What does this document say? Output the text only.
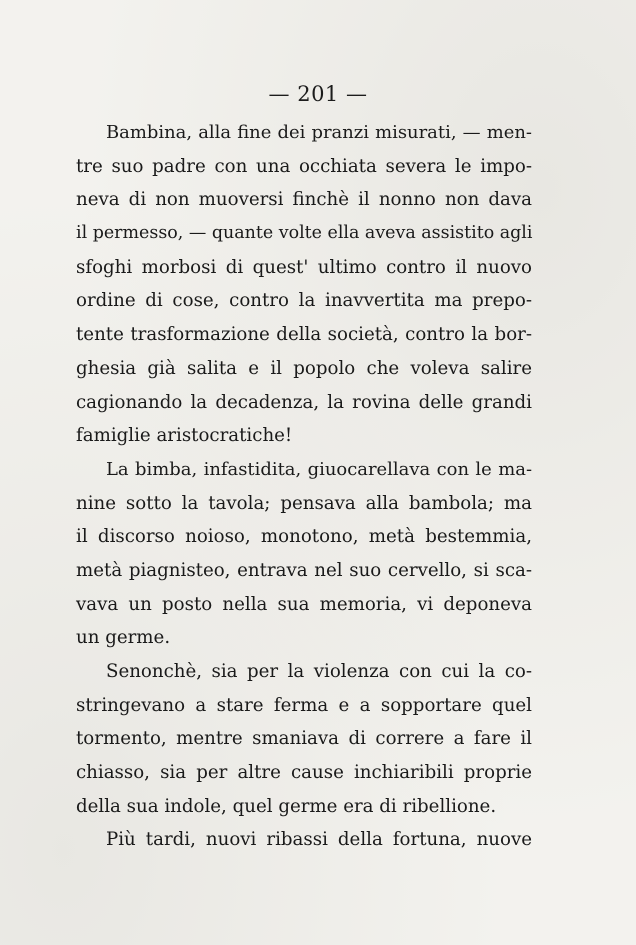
— 201 —
Bambina, alla fine dei pranzi misurati, — men-
tre suo padre con una occhiata severa le impo-
neva di non muoversi finchè il nonno non dava
il permesso, — quante volte ella aveva assistito agli
sfoghi morbosi di quest' ultimo contro il nuovo
ordine di cose, contro la inavvertita ma prepo-
tente trasformazione della società, contro la bor-
ghesia già salita e il popolo che voleva salire
cagionando la decadenza, la rovina delle grandi
famiglie aristocratiche!
La bimba, infastidita, giuocarellava con le ma-
nine sotto la tavola; pensava alla bambola; ma
il discorso noioso, monotono, metà bestemmia,
metà piagnisteo, entrava nel suo cervello, si sca-
vava un posto nella sua memoria, vi deponeva
un germe.
Senonchè, sia per la violenza con cui la co-
stringevano a stare ferma e a sopportare quel
tormento, mentre smaniava di correre a fare il
chiasso, sia per altre cause inchiaribili proprie
della sua indole, quel germe era di ribellione.
Più tardi, nuovi ribassi della fortuna, nuove
